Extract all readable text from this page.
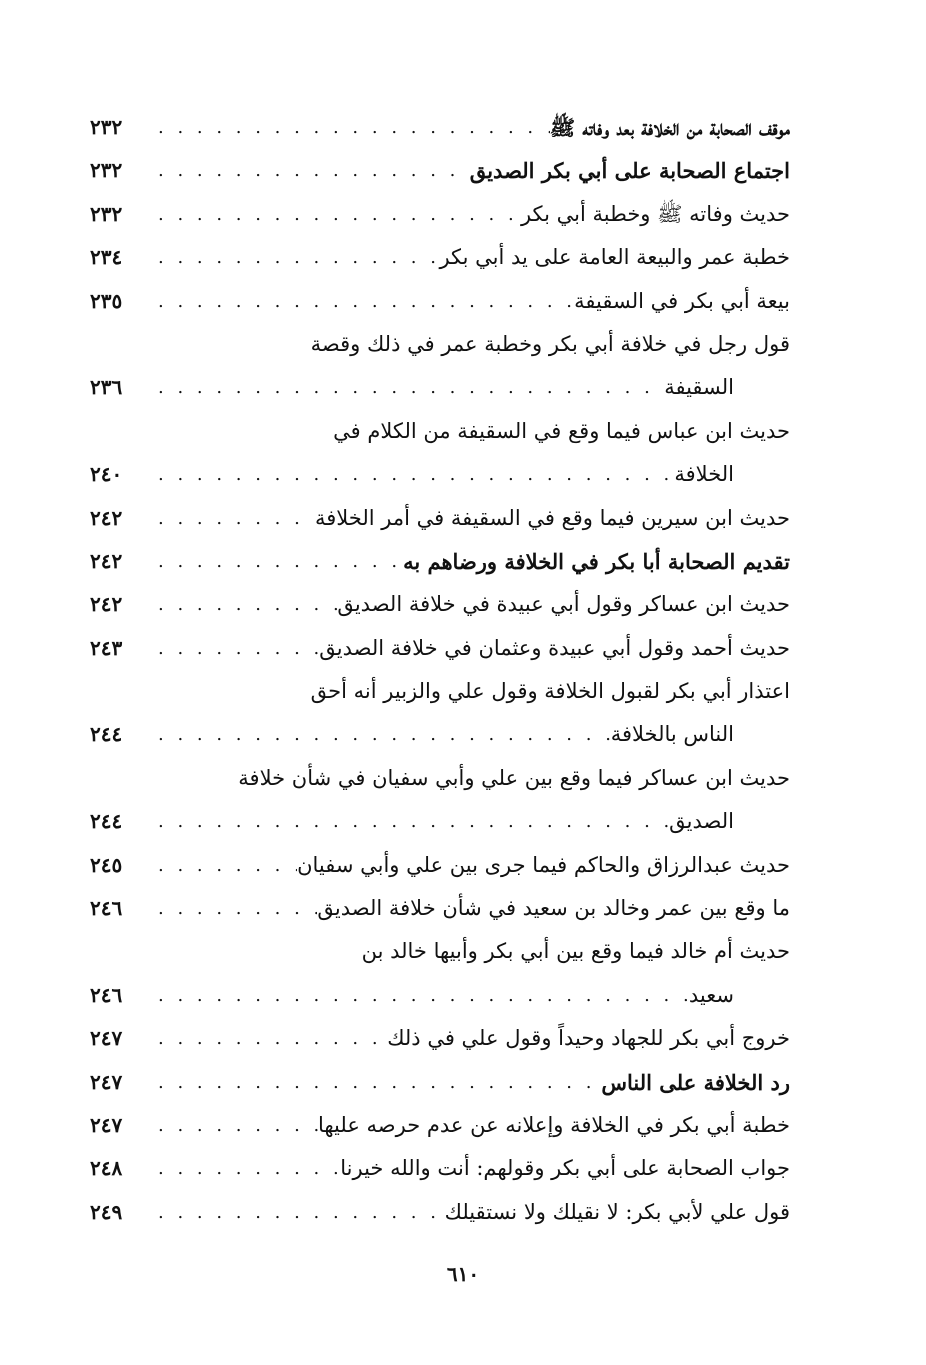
موقف الصحابة من الخلافة بعد وفاته ﷺ
. . .
٢٣٢
اجتماع الصحابة على أبي بكر الصديق
. . .
٢٣٢
حديث وفاته ﷺ وخطبة أبي بكر
. . .
٢٣٢
خطبة عمر والبيعة العامة على يد أبي بكر
. . .
٢٣٤
بيعة أبي بكر في السقيفة
. . .
٢٣٥
قول رجل في خلافة أبي بكر وخطبة عمر في ذلك وقصة
السقيفة
. . .
٢٣٦
حديث ابن عباس فيما وقع في السقيفة من الكلام في
الخلافة
. . .
٢٤٠
حديث ابن سيرين فيما وقع في السقيفة في أمر الخلافة
. . .
٢٤٢
تقديم الصحابة أبا بكر في الخلافة ورضاهم به
. . .
٢٤٢
حديث ابن عساكر وقول أبي عبيدة في خلافة الصديق
. . .
٢٤٢
حديث أحمد وقول أبي عبيدة وعثمان في خلافة الصديق
. . .
٢٤٣
اعتذار أبي بكر لقبول الخلافة وقول علي والزبير أنه أحق
الناس بالخلافة
. . .
٢٤٤
حديث ابن عساكر فيما وقع بين علي وأبي سفيان في شأن خلافة
الصديق
. . .
٢٤٤
حديث عبدالرزاق والحاكم فيما جرى بين علي وأبي سفيان
. . .
٢٤٥
ما وقع بين عمر وخالد بن سعيد في شأن خلافة الصديق
. . .
٢٤٦
حديث أم خالد فيما وقع بين أبي بكر وأبيها خالد بن
سعيد
. . .
٢٤٦
خروج أبي بكر للجهاد وحيداً وقول علي في ذلك
. . .
٢٤٧
رد الخلافة على الناس
. . .
٢٤٧
خطبة أبي بكر في الخلافة وإعلانه عن عدم حرصه عليها
. . .
٢٤٧
جواب الصحابة على أبي بكر وقولهم: أنت والله خيرنا
. . .
٢٤٨
قول علي لأبي بكر: لا نقيلك ولا نستقيلك
. . .
٢٤٩
٦١٠
